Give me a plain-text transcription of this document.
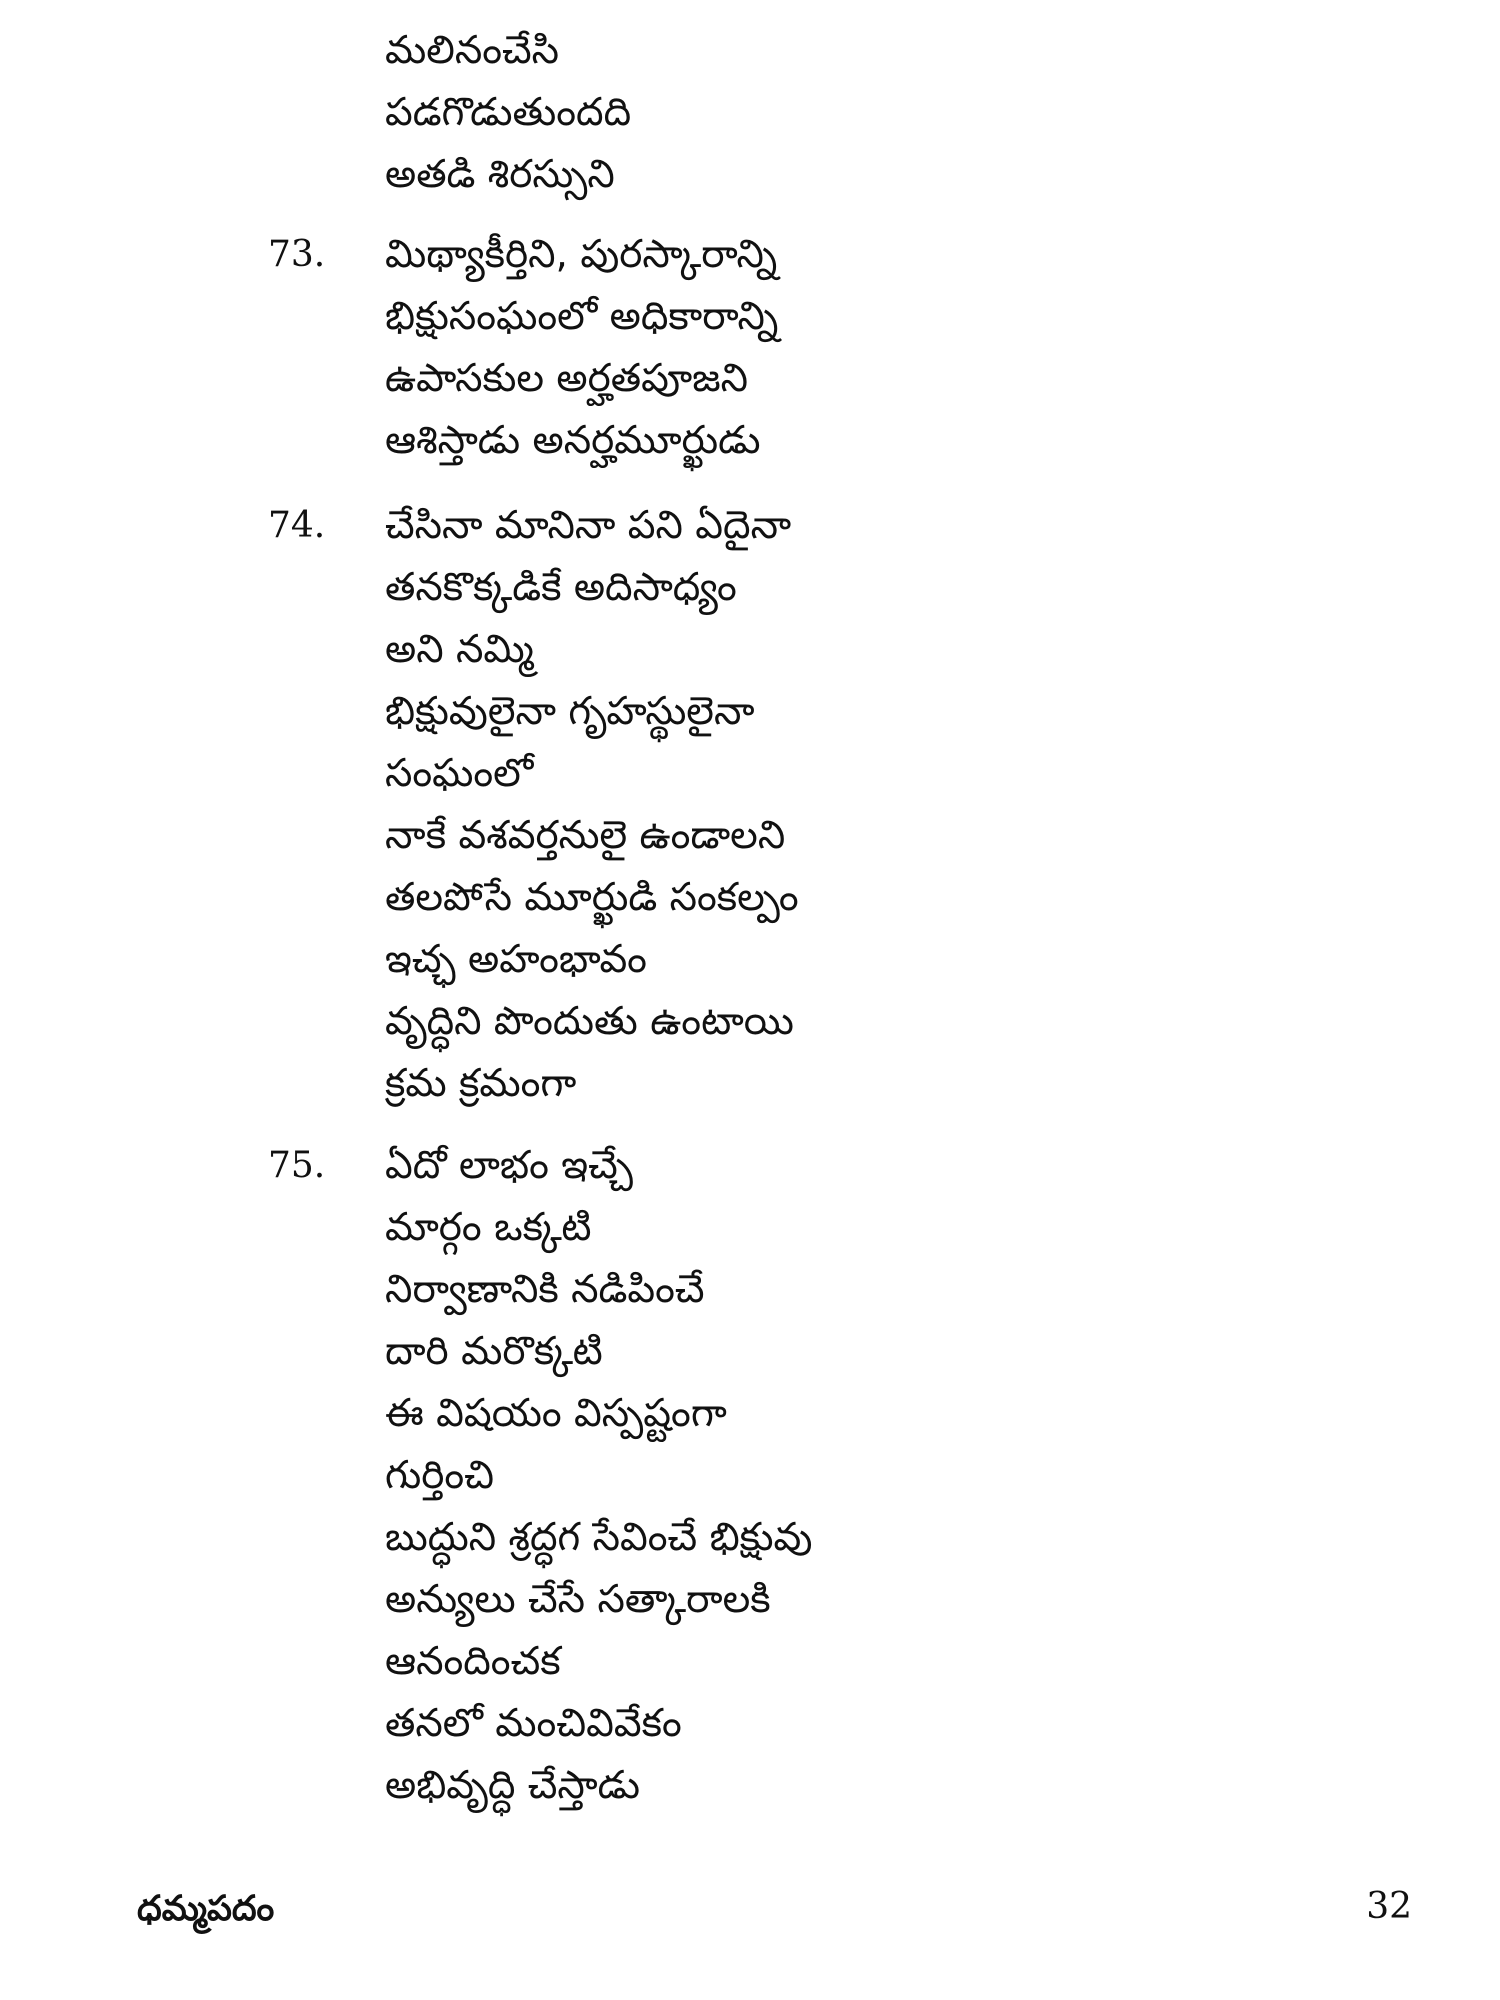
మలినంచేసి
పడగొడుతుందది
అతడి శిరస్సుని
73.	మిథ్యాకీర్తిని, పురస్కారాన్ని
భిక్షుసంఘంలో అధికారాన్ని
ఉపాసకుల అర్హతపూజని
ఆశిస్తాడు అనర్హమూర్ఖుడు
74.	చేసినా మానినా పని ఏదైనా
తనకొక్కడికే అదిసాధ్యం
అని నమ్మి
భిక్షువులైనా గృహస్థులైనా
సంఘంలో
నాకే వశవర్తనులై ఉండాలని
తలపోసే మూర్ఖుడి సంకల్పం
ఇచ్ఛ అహంభావం
వృద్ధిని పొందుతు ఉంటాయి
క్రమ క్రమంగా
75.	ఏదో లాభం ఇచ్చే
మార్గం ఒక్కటి
నిర్వాణానికి నడిపించే
దారి మరొక్కటి
ఈ విషయం విస్పష్టంగా
గుర్తించి
బుద్ధుని శ్రద్ధగ సేవించే భిక్షువు
అన్యులు చేసే సత్కారాలకి
ఆనందించక
తనలో మంచివివేకం
అభివృద్ధి చేస్తాడు
ధమ్మపదం	32
